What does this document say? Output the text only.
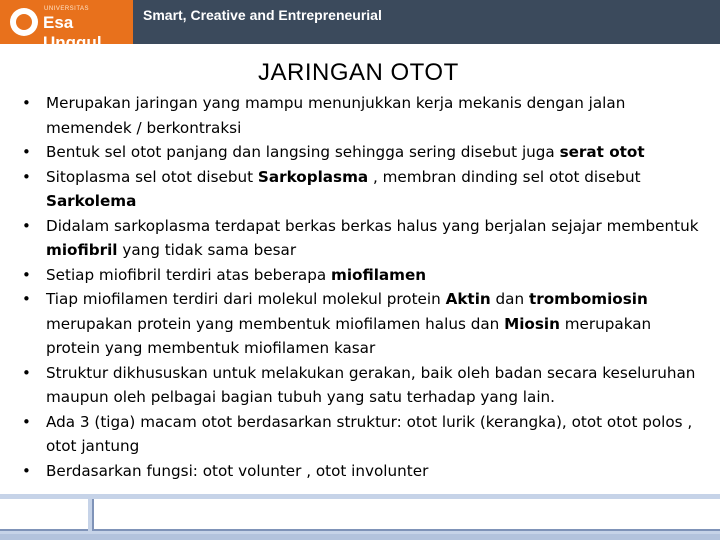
UNIVERSITAS
Esa Unggul
Smart, Creative and Entrepreneurial
JARINGAN OTOT
• Merupakan jaringan yang mampu menunjukkan kerja mekanis dengan jalan memendek / berkontraksi
• Bentuk sel otot panjang dan langsing sehingga sering disebut juga serat otot
• Sitoplasma sel otot disebut Sarkoplasma , membran dinding sel otot disebut Sarkolema
• Didalam sarkoplasma terdapat berkas berkas halus yang berjalan sejajar membentuk miofibril yang tidak sama besar
• Setiap miofibril terdiri atas beberapa miofilamen
• Tiap miofilamen terdiri dari molekul molekul protein Aktin dan trombomiosin merupakan protein yang membentuk miofilamen halus dan Miosin merupakan protein yang membentuk miofilamen kasar
• Struktur dikhususkan untuk melakukan gerakan, baik oleh badan secara keseluruhan maupun oleh pelbagai bagian tubuh yang satu terhadap yang lain.
• Ada 3 (tiga) macam otot berdasarkan struktur: otot lurik (kerangka), otot otot polos , otot jantung
• Berdasarkan fungsi: otot volunter , otot involunter
